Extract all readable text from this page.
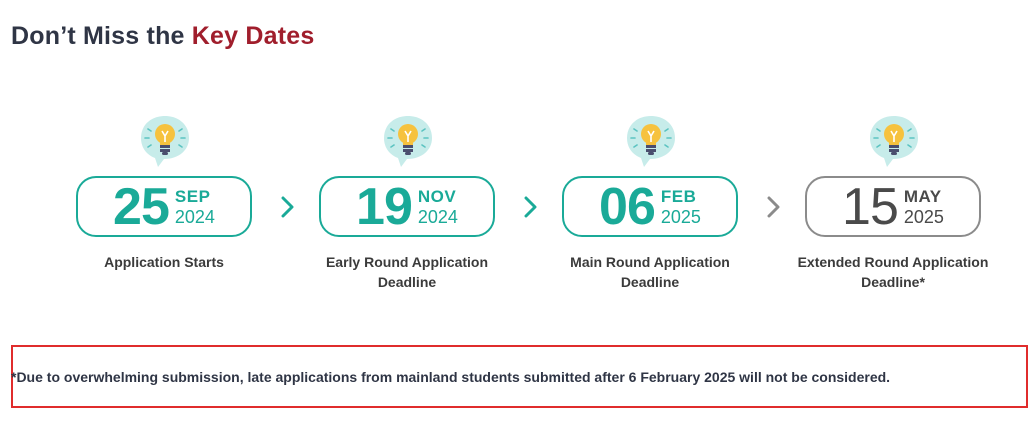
Don’t Miss the Key Dates
25 SEP
2024
Application Starts
19 NOV
2024
Early Round Application Deadline
06 FEB
2025
Main Round Application Deadline
15 MAY
2025
Extended Round Application Deadline*
*Due to overwhelming submission, late applications from mainland students submitted after 6 February 2025 will not be considered.
